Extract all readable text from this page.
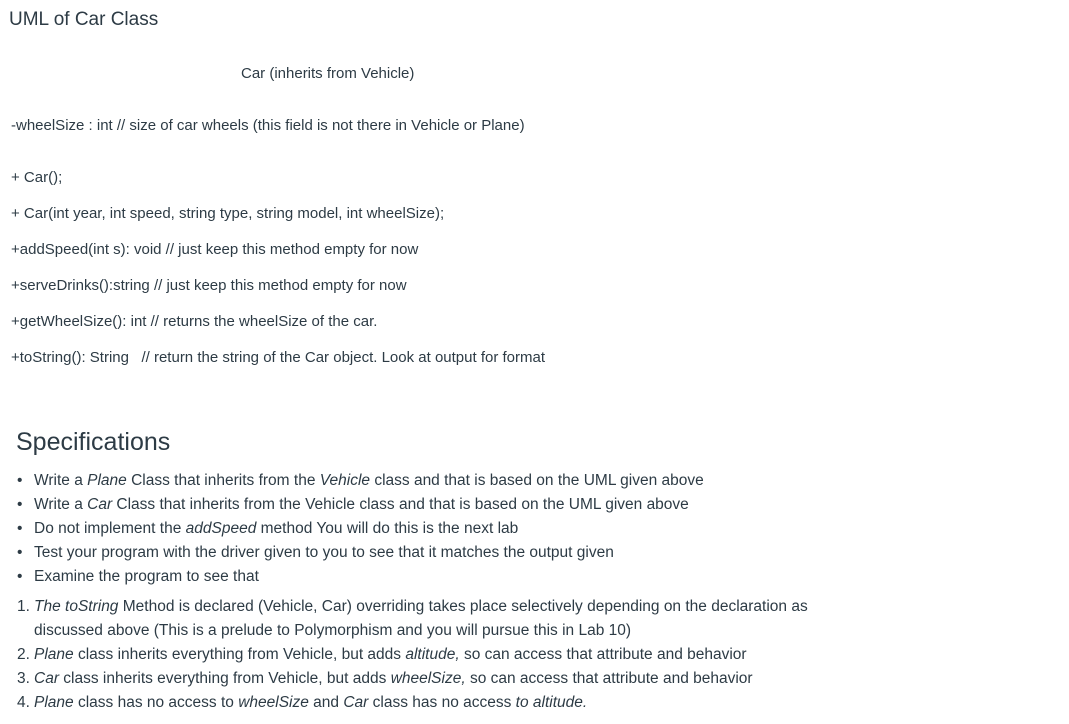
UML of Car Class
Car (inherits from Vehicle)
-wheelSize : int // size of car wheels (this field is not there in Vehicle or Plane)
+ Car();
+ Car(int year, int speed, string type, string model, int wheelSize);
+addSpeed(int s): void // just keep this method empty for now
+serveDrinks():string // just keep this method empty for now
+getWheelSize(): int // returns the wheelSize of the car.
+toString(): String   // return the string of the Car object. Look at output for format
Specifications
• Write a Plane Class that inherits from the Vehicle class and that is based on the UML given above
• Write a Car Class that inherits from the Vehicle class and that is based on the UML given above
• Do not implement the addSpeed method You will do this is the next lab
• Test your program with the driver given to you to see that it matches the output given
• Examine the program to see that
1. The toString Method is declared (Vehicle, Car) overriding takes place selectively depending on the declaration as
discussed above (This is a prelude to Polymorphism and you will pursue this in Lab 10)
2. Plane class inherits everything from Vehicle, but adds altitude, so can access that attribute and behavior
3. Car class inherits everything from Vehicle, but adds wheelSize, so can access that attribute and behavior
4. Plane class has no access to wheelSize and Car class has no access to altitude.
